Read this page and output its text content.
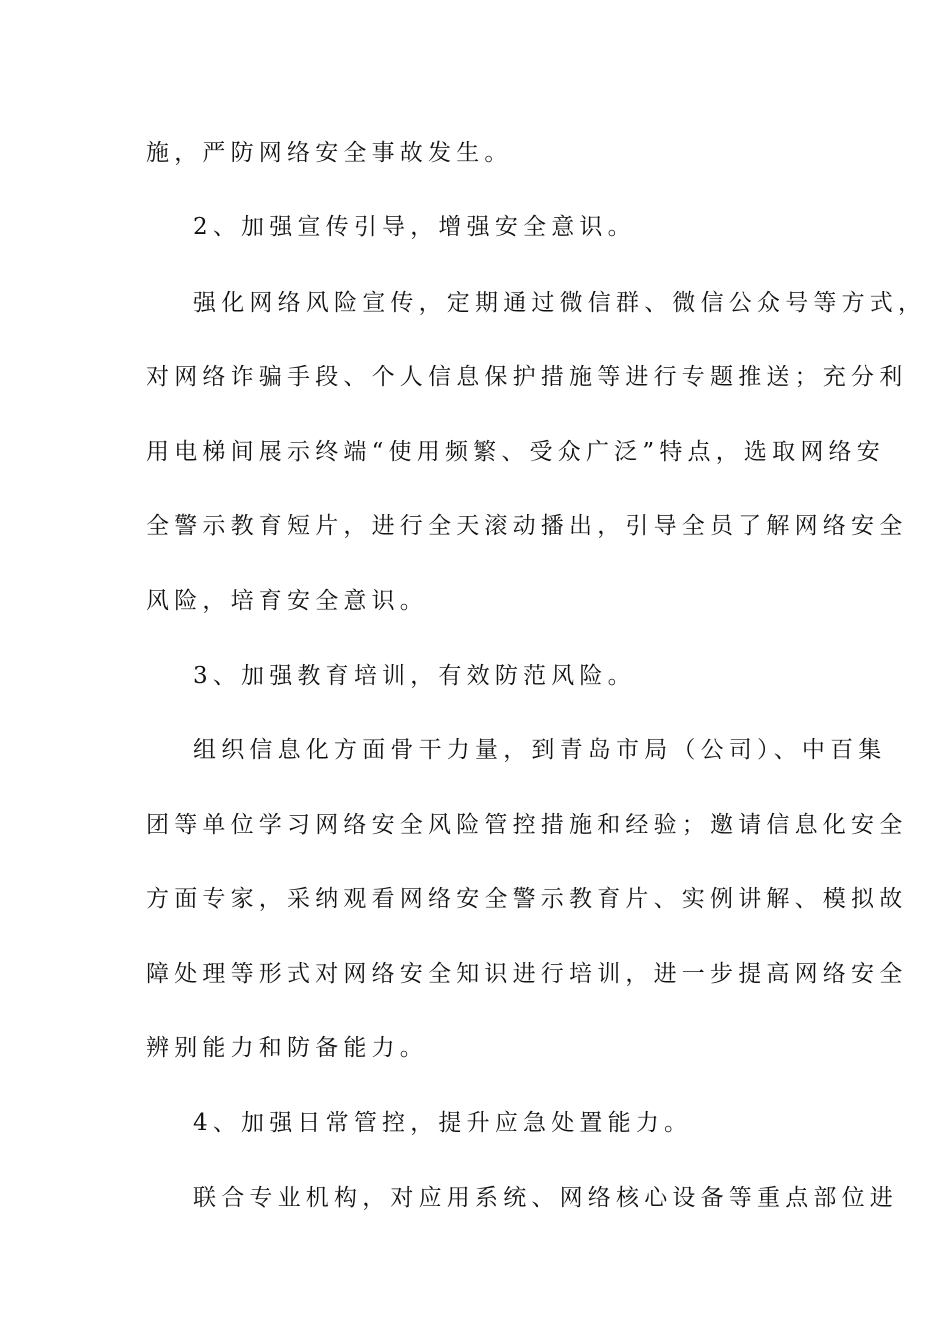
施，严防网络安全事故发生。
2、加强宣传引导，增强安全意识。
强化网络风险宣传，定期通过微信群、微信公众号等方式，
对网络诈骗手段、个人信息保护措施等进行专题推送；充分利
用电梯间展示终端“使用频繁、受众广泛”特点，选取网络安
全警示教育短片，进行全天滚动播出，引导全员了解网络安全
风险，培育安全意识。
3、加强教育培训，有效防范风险。
组织信息化方面骨干力量，到青岛市局（公司）、中百集
团等单位学习网络安全风险管控措施和经验；邀请信息化安全
方面专家，采纳观看网络安全警示教育片、实例讲解、模拟故
障处理等形式对网络安全知识进行培训，进一步提高网络安全
辨别能力和防备能力。
4、加强日常管控，提升应急处置能力。
联合专业机构，对应用系统、网络核心设备等重点部位进
